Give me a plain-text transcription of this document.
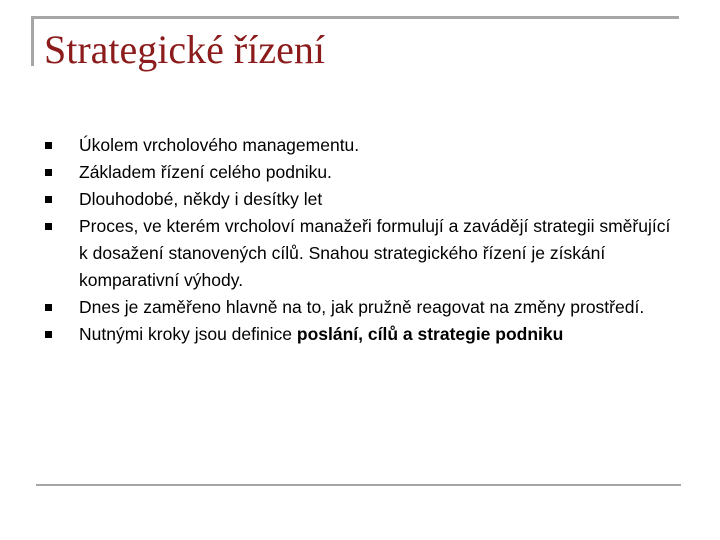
Strategické řízení
Úkolem vrcholového managementu.
Základem řízení celého podniku.
Dlouhodobé, někdy i desítky let
Proces, ve kterém vrcholoví manažeři formulují a zavádějí strategii směřující k dosažení stanovených cílů. Snahou strategického řízení je získání komparativní výhody.
Dnes je zaměřeno hlavně na to, jak pružně reagovat na změny prostředí.
Nutnými kroky jsou definice poslání, cílů a strategie podniku
